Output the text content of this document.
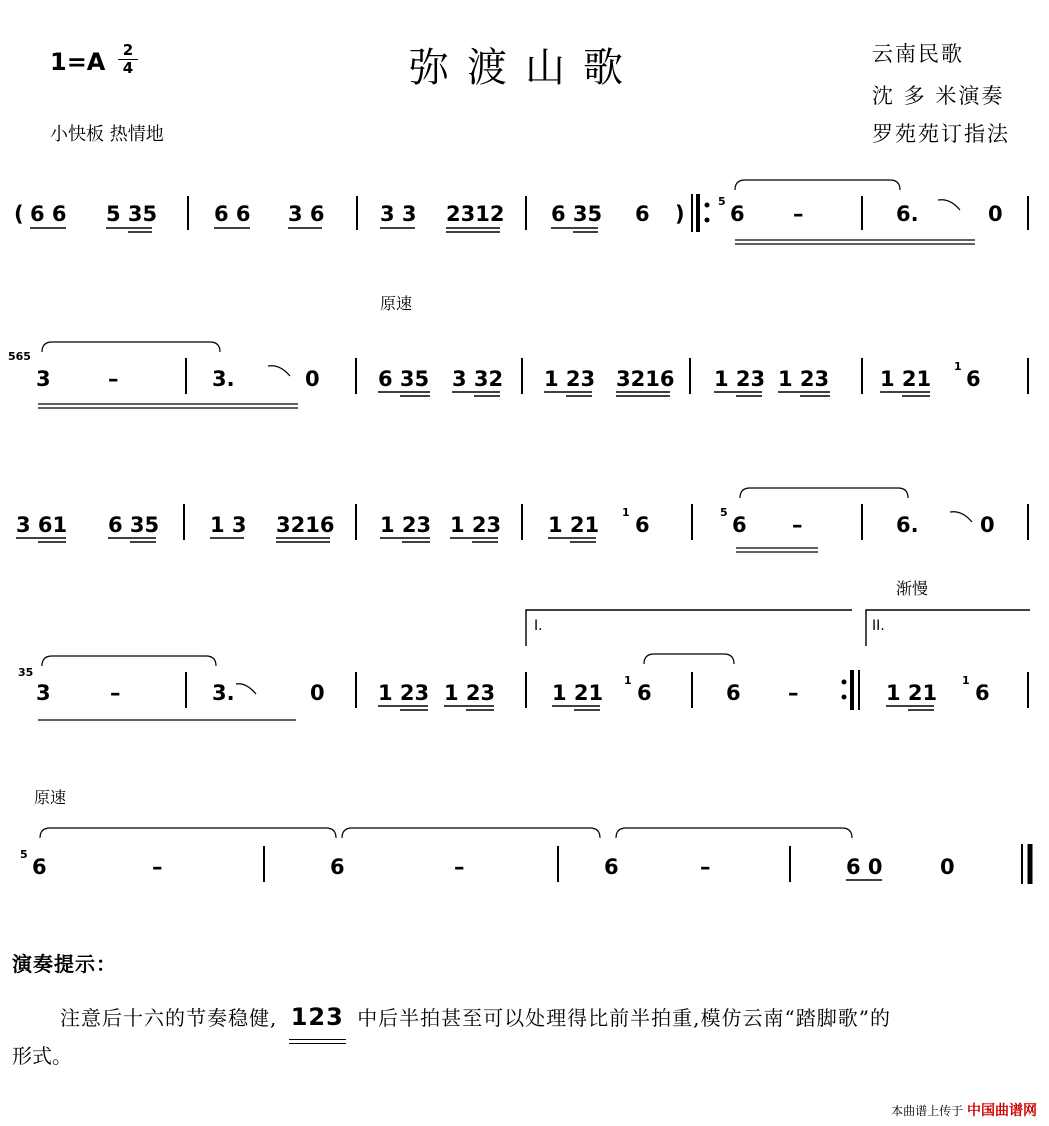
1=A	2
4	弥渡山歌	云南民歌
沈 多 米演奏
罗苑苑订指法
小快板 热情地
( 6 6 5 35	6 6 3 6	3 3 2312 6 35 6 )
5
6 –	6.	0
原速
565
3	–	3.	0	6 35 3 32 1 23 3216 1 23 1 23 1 21
1
6
3 61 6 35 1 3 3216 1 23 1 23 1 21
1
6
5
6 –	6.	0
渐慢
I.	II.
35
3	–	3.	0	1 23 1 23	1 21
1
6	6 –	1 21
1
6
原速
5
6	–	6	–	6	–	6 0	0
演奏提示：
注意后十六的节奏稳健, 123 中后半拍甚至可以处理得比前半拍重,模仿云南“踏脚歌”的
形式。
本曲谱上传于 中国曲谱网
